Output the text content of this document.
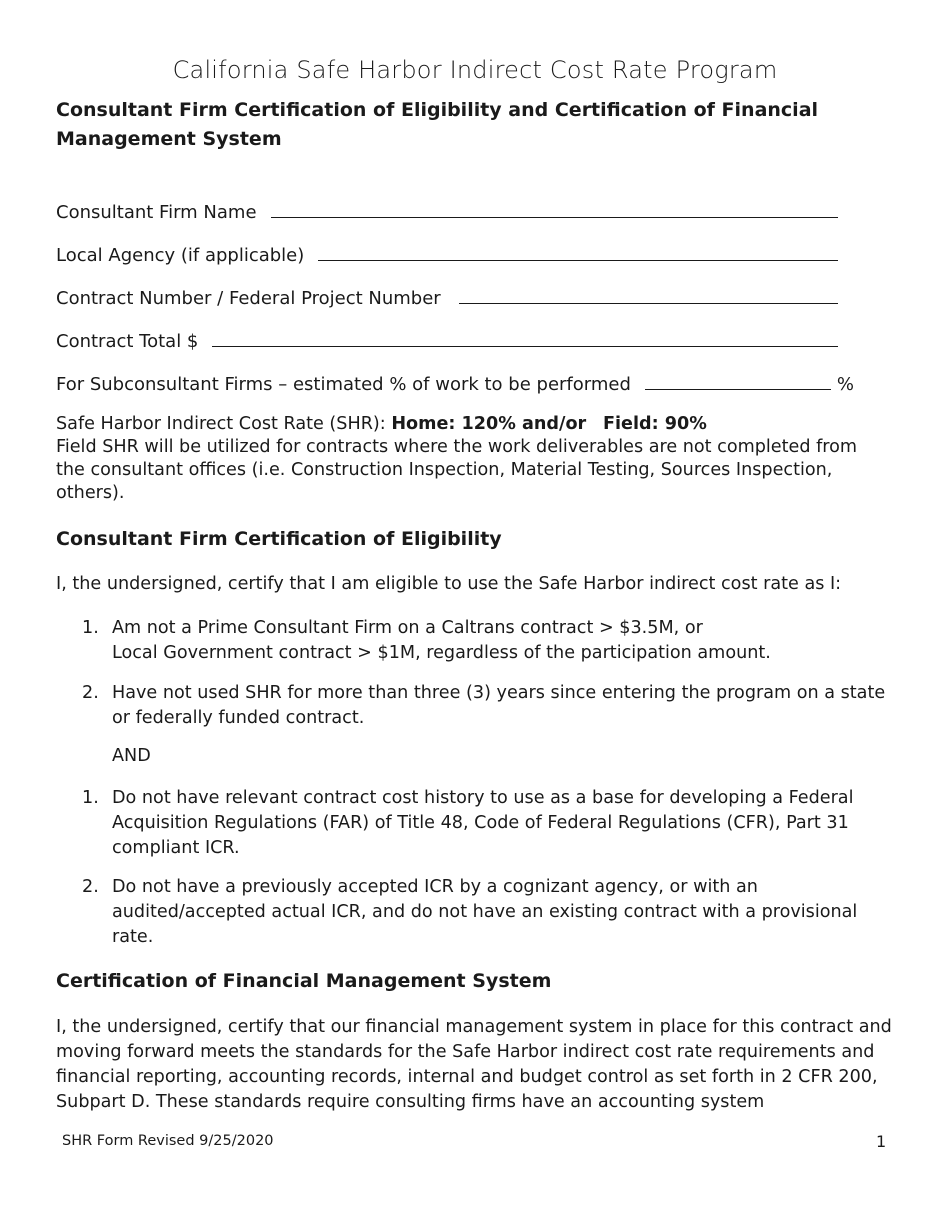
California Safe Harbor Indirect Cost Rate Program
Consultant Firm Certification of Eligibility and Certification of Financial Management System
Consultant Firm Name
Local Agency (if applicable)
Contract Number / Federal Project Number
Contract Total $
For Subconsultant Firms – estimated % of work to be performed	%
Safe Harbor Indirect Cost Rate (SHR): Home: 120% and/or Field: 90%
Field SHR will be utilized for contracts where the work deliverables are not completed from the consultant offices (i.e. Construction Inspection, Material Testing, Sources Inspection, others).
Consultant Firm Certification of Eligibility
I, the undersigned, certify that I am eligible to use the Safe Harbor indirect cost rate as I:
1. Am not a Prime Consultant Firm on a Caltrans contract > $3.5M, or
Local Government contract > $1M, regardless of the participation amount.
2. Have not used SHR for more than three (3) years since entering the program on a state or federally funded contract.
AND
1. Do not have relevant contract cost history to use as a base for developing a Federal Acquisition Regulations (FAR) of Title 48, Code of Federal Regulations (CFR), Part 31 compliant ICR.
2. Do not have a previously accepted ICR by a cognizant agency, or with an audited/accepted actual ICR, and do not have an existing contract with a provisional rate.
Certification of Financial Management System
I, the undersigned, certify that our financial management system in place for this contract and moving forward meets the standards for the Safe Harbor indirect cost rate requirements and financial reporting, accounting records, internal and budget control as set forth in 2 CFR 200, Subpart D. These standards require consulting firms have an accounting system
SHR Form Revised 9/25/2020	1
